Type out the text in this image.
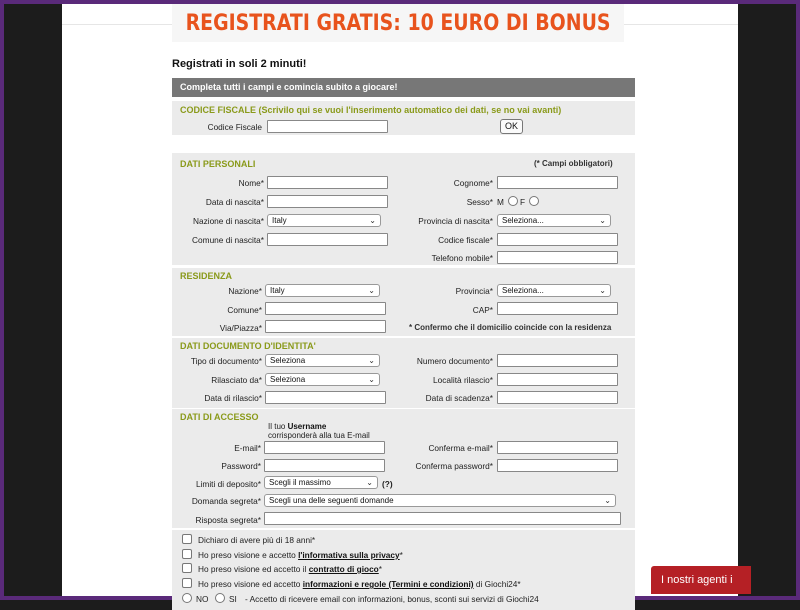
REGISTRATI GRATIS: 10 EURO DI BONUS
Registrati in soli 2 minuti!
Completa tutti i campi e comincia subito a giocare!
CODICE FISCALE (Scrivilo qui se vuoi l'inserimento automatico dei dati, se no vai avanti)
Codice Fiscale	OK
DATI PERSONALI	(* Campi obbligatori)
Nome*	Cognome*
Data di nascita*	Sesso* M F
Nazione di nascita*	Italy	⌄	Provincia di nascita*	Seleziona...	⌄
Comune di nascita*	Codice fiscale*
Telefono mobile*
RESIDENZA
Nazione*	Italy	⌄	Provincia*	Seleziona...	⌄
Comune*	CAP*
Via/Piazza*	* Confermo che il domicilio coincide con la residenza
DATI DOCUMENTO D'IDENTITA'
Tipo di documento*	Seleziona	⌄	Numero documento*
Rilasciato da*	Seleziona	⌄	Località rilascio*
Data di rilascio*	Data di scadenza*
DATI DI ACCESSO
Il tuo Username
corrisponderà alla tua E-mail
E-mail*	Conferma e-mail*
Password*	Conferma password*
Limiti di deposito*	Scegli il massimo	⌄ (?)
Domanda segreta*	Scegli una delle seguenti domande	⌄
Risposta segreta*
Dichiaro di avere più di 18 anni*
Ho preso visione e accetto l'informativa sulla privacy*
Ho preso visione ed accetto il contratto di gioco*
Ho preso visione ed accetto informazioni e regole (Termini e condizioni) di Giochi24*
NO SI - Accetto di ricevere email con informazioni, bonus, sconti sui servizi di Giochi24
I nostri agenti i
